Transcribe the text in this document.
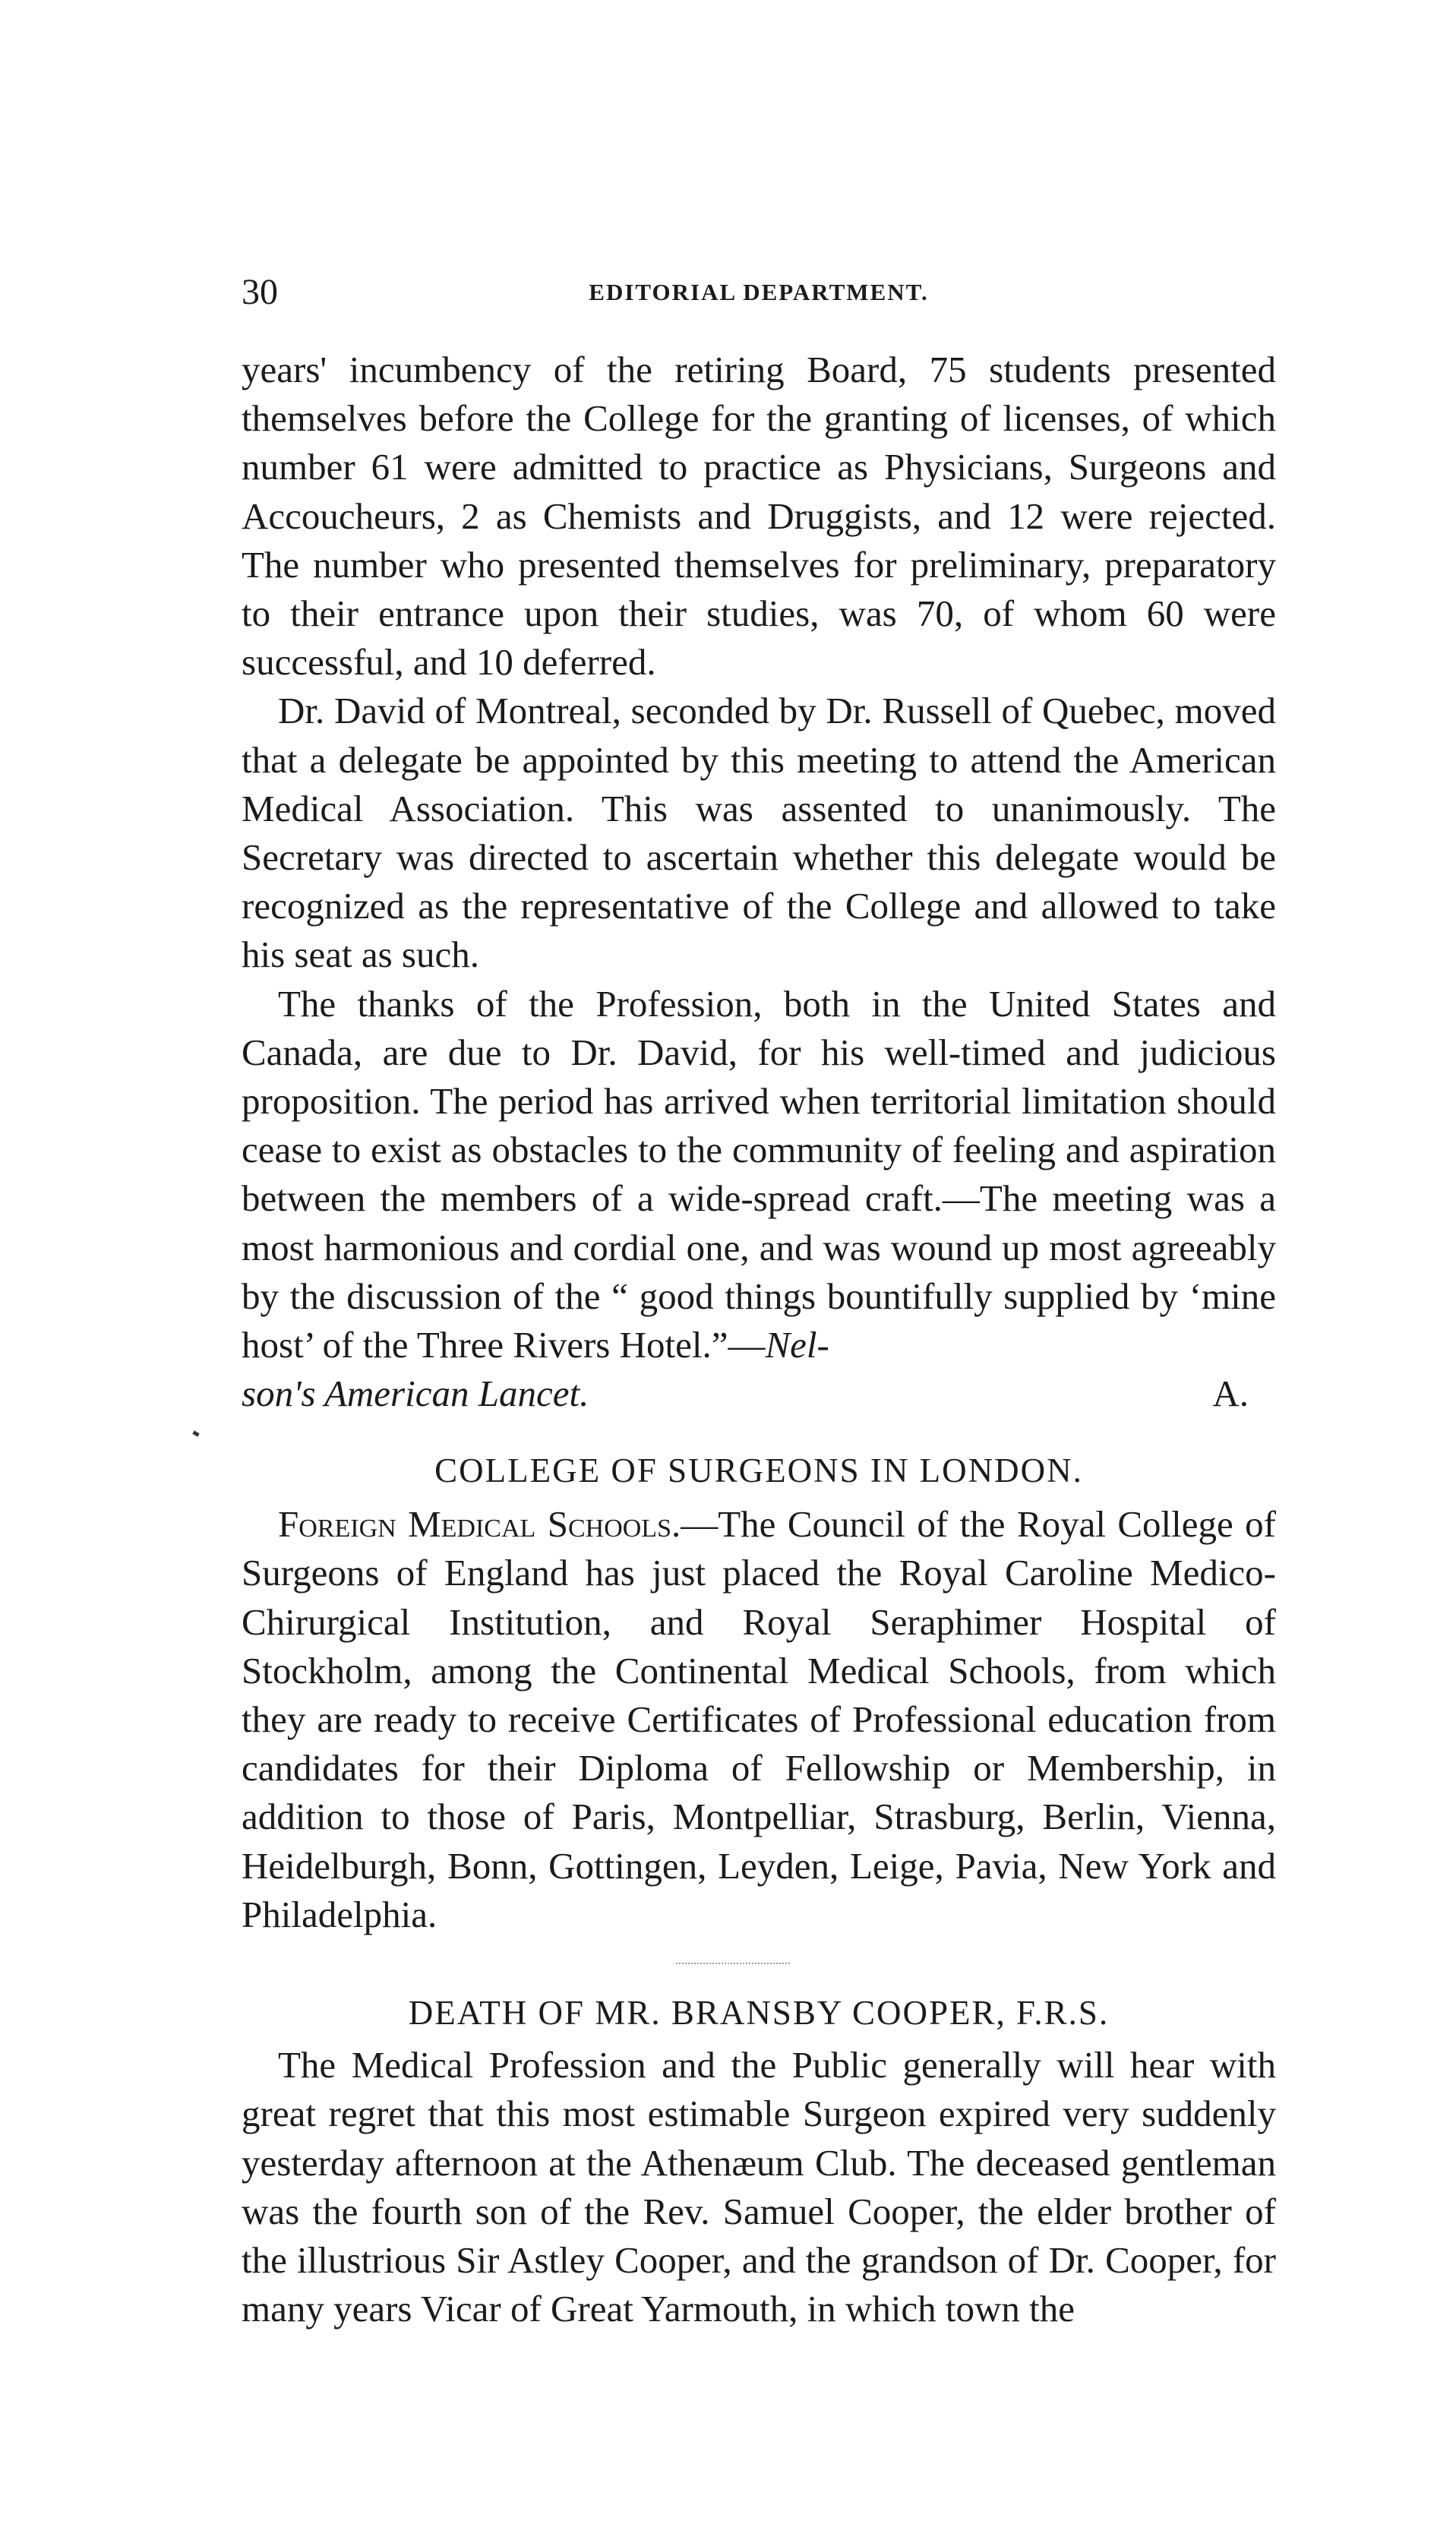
30	EDITORIAL DEPARTMENT.

years' incumbency of the retiring Board, 75 students presented themselves before the College for the granting of licenses, of which number 61 were admitted to practice as Physicians, Surgeons and Accoucheurs, 2 as Chemists and Druggists, and 12 were rejected. The number who presented themselves for preliminary, preparatory to their entrance upon their studies, was 70, of whom 60 were successful, and 10 deferred.

Dr. David of Montreal, seconded by Dr. Russell of Quebec, moved that a delegate be appointed by this meeting to attend the American Medical Association. This was assented to unanimously. The Secretary was directed to ascertain whether this delegate would be recognized as the representative of the College and allowed to take his seat as such.

The thanks of the Profession, both in the United States and Canada, are due to Dr. David, for his well-timed and judicious proposition. The period has arrived when territorial limitation should cease to exist as obstacles to the community of feeling and aspiration between the members of a wide-spread craft.—The meeting was a most harmonious and cordial one, and was wound up most agreeably by the discussion of the “ good things bountifully supplied by ‘mine host’ of the Three Rivers Hotel.”—Nel-

son's American Lancet.	A.
COLLEGE OF SURGEONS IN LONDON.

Foreign Medical Schools.—The Council of the Royal College of Surgeons of England has just placed the Royal Caroline Medico-Chirurgical Institution, and Royal Seraphimer Hospital of Stockholm, among the Continental Medical Schools, from which they are ready to receive Certificates of Professional education from candidates for their Diploma of Fellowship or Membership, in addition to those of Paris, Montpelliar, Strasburg, Berlin, Vienna, Heidelburgh, Bonn, Gottingen, Leyden, Leige, Pavia, New York and Philadelphia.

DEATH OF MR. BRANSBY COOPER, F.R.S.

The Medical Profession and the Public generally will hear with great regret that this most estimable Surgeon expired very suddenly yesterday afternoon at the Athenæum Club. The deceased gentleman was the fourth son of the Rev. Samuel Cooper, the elder brother of the illustrious Sir Astley Cooper, and the grandson of Dr. Cooper, for many years Vicar of Great Yarmouth, in which town the
